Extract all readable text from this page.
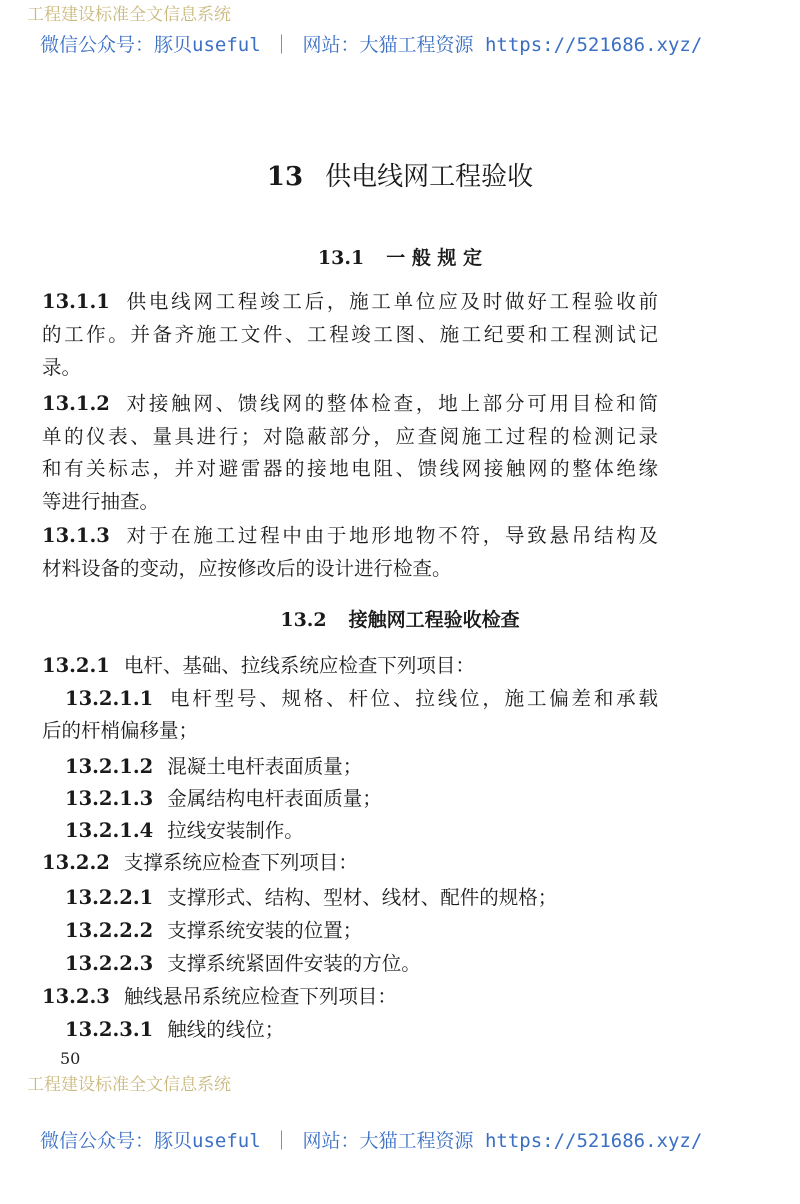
工程建设标准全文信息系统
微信公众号：豚贝useful ｜ 网站：大猫工程资源 https://521686.xyz/
13 供电线网工程验收
13.1 一 般 规 定
13.1.1 供电线网工程竣工后，施工单位应及时做好工程验收前
的工作。并备齐施工文件、工程竣工图、施工纪要和工程测试记
录。
13.1.2 对接触网、馈线网的整体检查，地上部分可用目检和简
单的仪表、量具进行；对隐蔽部分，应查阅施工过程的检测记录
和有关标志，并对避雷器的接地电阻、馈线网接触网的整体绝缘
等进行抽查。
13.1.3 对于在施工过程中由于地形地物不符，导致悬吊结构及
材料设备的变动，应按修改后的设计进行检查。
13.2 接触网工程验收检查
13.2.1 电杆、基础、拉线系统应检查下列项目：
13.2.1.1 电杆型号、规格、杆位、拉线位，施工偏差和承载
后的杆梢偏移量；
13.2.1.2 混凝土电杆表面质量；
13.2.1.3 金属结构电杆表面质量；
13.2.1.4 拉线安装制作。
13.2.2 支撑系统应检查下列项目：
13.2.2.1 支撑形式、结构、型材、线材、配件的规格；
13.2.2.2 支撑系统安装的位置；
13.2.2.3 支撑系统紧固件安装的方位。
13.2.3 触线悬吊系统应检查下列项目：
13.2.3.1 触线的线位；
50
工程建设标准全文信息系统
微信公众号：豚贝useful ｜ 网站：大猫工程资源 https://521686.xyz/
